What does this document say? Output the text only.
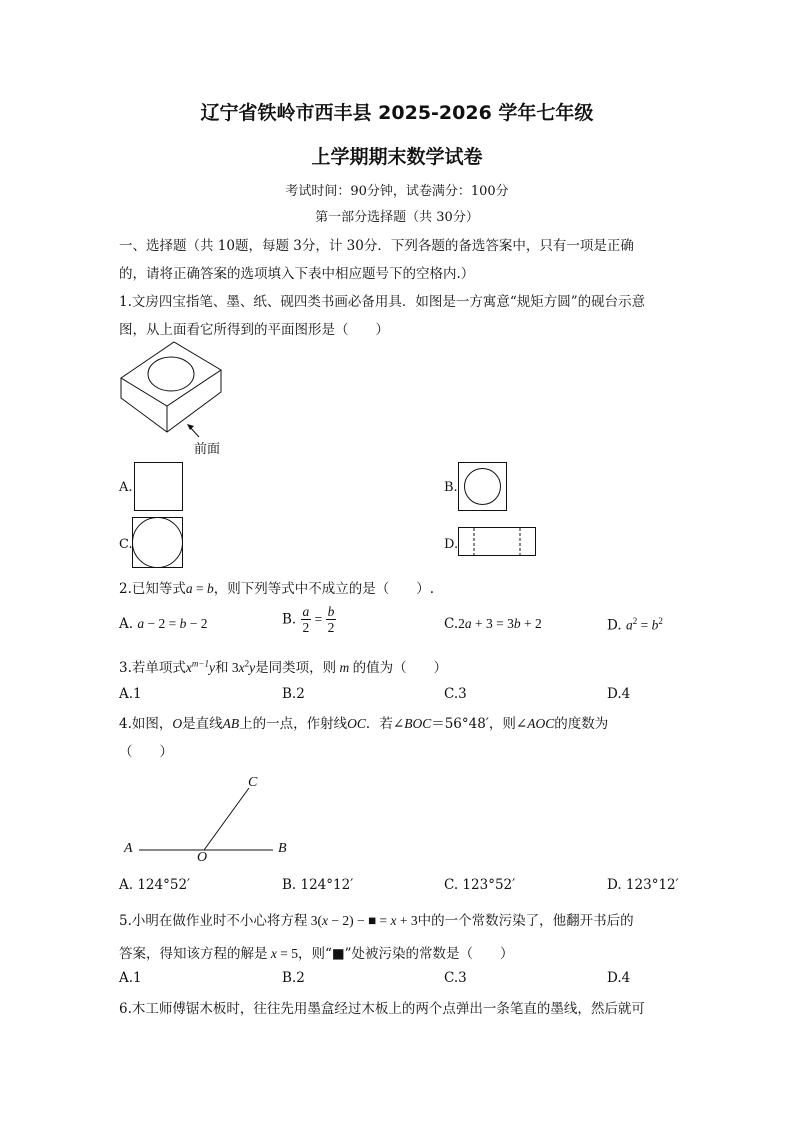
辽宁省铁岭市西丰县 2025-2026 学年七年级
上学期期末数学试卷
考试时间：90分钟，试卷满分：100分
第一部分选择题（共 30分）
一、选择题（共 10题，每题 3分，计 30分．下列各题的备选答案中，只有一项是正确
的，请将正确答案的选项填入下表中相应题号下的空格内.）
1.文房四宝指笔、墨、纸、砚四类书画必备用具．如图是一方寓意“规矩方圆”的砚台示意
图，从上面看它所得到的平面图形是（　　）
前面
A.	B.
C.	D.
2.已知等式a = b，则下列等式中不成立的是（　　）.
A. a − 2 = b − 2	B. $\frac{a}{2} = \frac{b}{2}$	C.2a + 3 = 3b + 2	D. $a^2 = b^2$
3.若单项式$x^{m-1}y$和 $3x^2y$是同类项，则 m 的值为（　　）
A.1	B.2	C.3	D.4
4.如图，O是直线AB上的一点，作射线OC．若∠BOC＝56°48′，则∠AOC的度数为
（　　）
A
O
B
C
A. 124°52′	B. 124°12′	C. 123°52′	D. 123°12′
5.小明在做作业时不小心将方程 3(x − 2) − ■ = x + 3中的一个常数污染了，他翻开书后的
答案，得知该方程的解是 x = 5，则“■”处被污染的常数是（　　）
A.1	B.2	C.3	D.4
6.木工师傅锯木板时，往往先用墨盒经过木板上的两个点弹出一条笔直的墨线，然后就可
